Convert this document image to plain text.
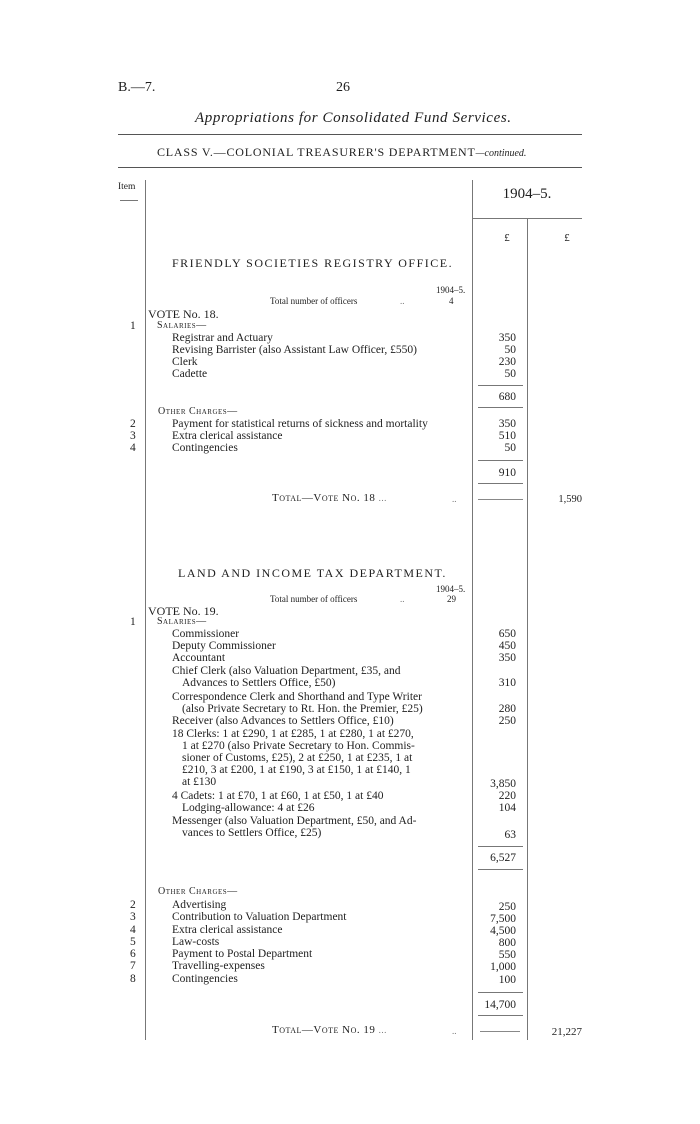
B.—7.	26
Appropriations for Consolidated Fund Services.
CLASS V.—COLONIAL TREASURER'S DEPARTMENT—continued.
Item	1904–5.
£	£
FRIENDLY SOCIETIES REGISTRY OFFICE.
1904–5.
Total number of officers	..	4
VOTE No. 18.
1 Salaries—
Registrar and Actuary	350
Revising Barrister (also Assistant Law Officer, £550)	50
Clerk	230
Cadette	50
680
Other Charges—
2	Payment for statistical returns of sickness and mortality	350
3	Extra clerical assistance	510
4	Contingencies	50
910
Total—Vote No. 18 ...	..	1,590
LAND AND INCOME TAX DEPARTMENT.
1904–5.
Total number of officers	..	29
VOTE No. 19.
1 Salaries—
Commissioner	650
Deputy Commissioner	450
Accountant	350
Chief Clerk (also Valuation Department, £35, and
Advances to Settlers Office, £50)	310
Correspondence Clerk and Shorthand and Type Writer
(also Private Secretary to Rt. Hon. the Premier, £25)	280
Receiver (also Advances to Settlers Office, £10)	250
18 Clerks: 1 at £290, 1 at £285, 1 at £280, 1 at £270,
1 at £270 (also Private Secretary to Hon. Commis-
sioner of Customs, £25), 2 at £250, 1 at £235, 1 at
£210, 3 at £200, 1 at £190, 3 at £150, 1 at £140, 1
at £130	3,850
4 Cadets: 1 at £70, 1 at £60, 1 at £50, 1 at £40	220
Lodging-allowance: 4 at £26	104
Messenger (also Valuation Department, £50, and Ad-
vances to Settlers Office, £25)	63
6,527
Other Charges—
2	Advertising	250
3	Contribution to Valuation Department	7,500
4	Extra clerical assistance	4,500
5	Law-costs	800
6	Payment to Postal Department	550
7	Travelling-expenses	1,000
8	Contingencies	100
14,700
Total—Vote No. 19 ...	..	21,227
